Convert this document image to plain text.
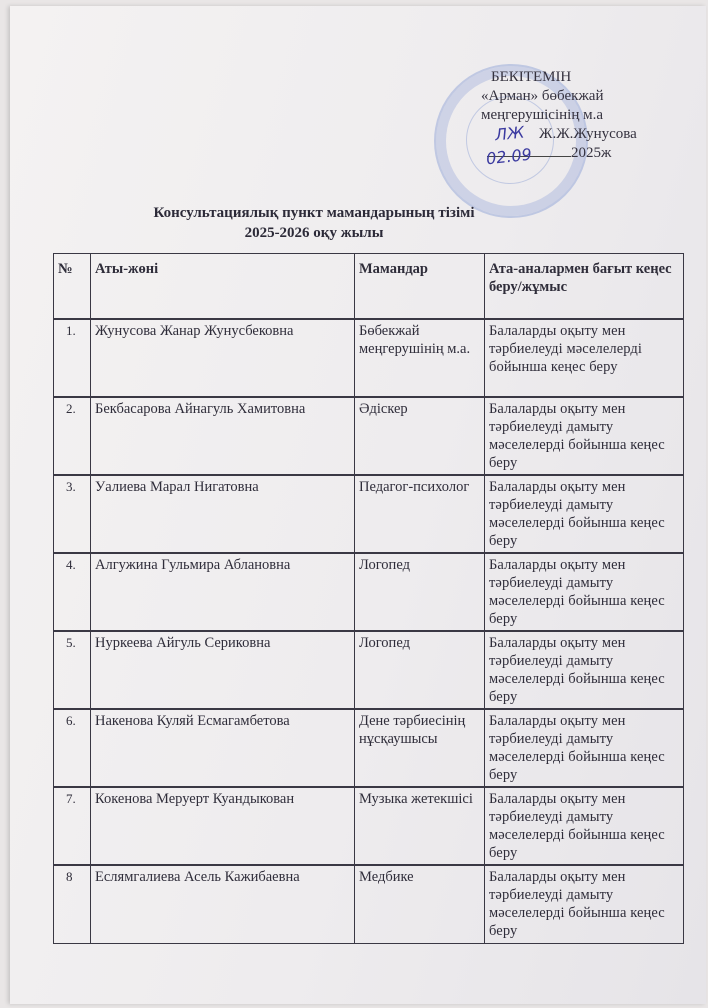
БЕКІТЕМІН
«Арман» бөбекжай
меңгерушісінің м.а
Ж.Ж.Жунусова
2025ж
ЛЖ
02.09
Консультациялық пункт мамандарының тізімі
2025-2026 оқу жылы
№	Аты-жөні	Мамандар	Ата-аналармен бағыт кеңес беру/жұмыс
1.	Жунусова Жанар Жунусбековна	Бөбекжай меңгерушінің м.а.	Балаларды оқыту мен тәрбиелеуді мәселелерді бойынша кеңес беру
2.	Бекбасарова Айнагуль Хамитовна	Әдіскер	Балаларды оқыту мен тәрбиелеуді дамыту мәселелерді бойынша кеңес беру
3.	Уалиева Марал Нигатовна	Педагог-психолог	Балаларды оқыту мен тәрбиелеуді дамыту мәселелерді бойынша кеңес беру
4.	Алгужина Гульмира Аблановна	Логопед	Балаларды оқыту мен тәрбиелеуді дамыту мәселелерді бойынша кеңес беру
5.	Нуркеева Айгуль Сериковна	Логопед	Балаларды оқыту мен тәрбиелеуді дамыту мәселелерді бойынша кеңес беру
6.	Накенова Куляй Есмагамбетова	Дене тәрбиесінің нұсқаушысы	Балаларды оқыту мен тәрбиелеуді дамыту мәселелерді бойынша кеңес беру
7.	Кокенова Меруерт Куандыкован	Музыка жетекшісі	Балаларды оқыту мен тәрбиелеуді дамыту мәселелерді бойынша кеңес беру
8	Еслямгалиева Асель Кажибаевна	Медбике	Балаларды оқыту мен тәрбиелеуді дамыту мәселелерді бойынша кеңес беру
